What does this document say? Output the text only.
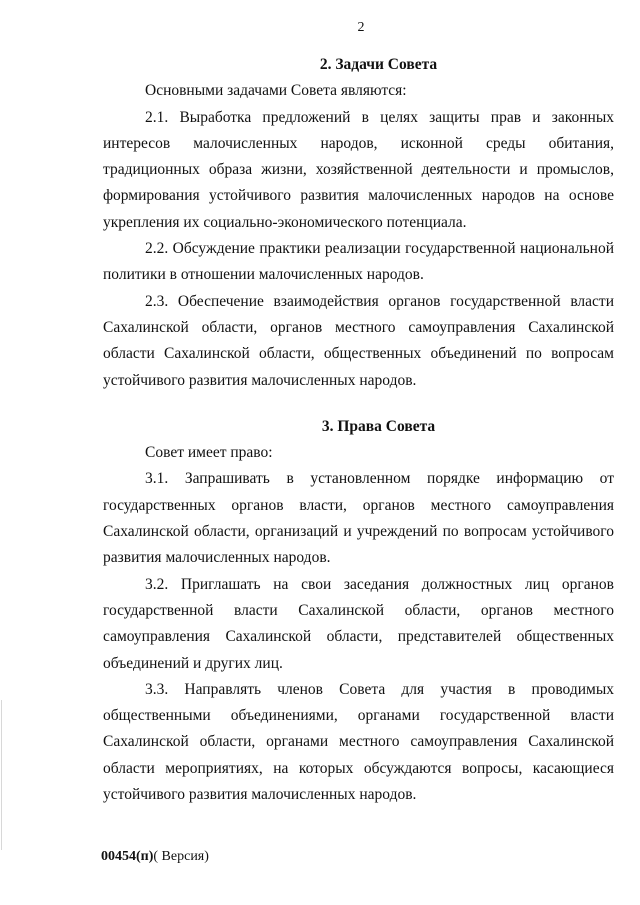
2
2. Задачи Совета

Основными задачами Совета являются:

2.1. Выработка предложений в целях защиты прав и законных интересов малочисленных народов, исконной среды обитания, традиционных образа жизни, хозяйственной деятельности и промыслов, формирования устойчивого развития малочисленных народов на основе укрепления их социально-экономического потенциала.

2.2. Обсуждение практики реализации государственной национальной политики в отношении малочисленных народов.

2.3. Обеспечение взаимодействия органов государственной власти Сахалинской области, органов местного самоуправления Сахалинской области Сахалинской области, общественных объединений по вопросам устойчивого развития малочисленных народов.

3. Права Совета

Совет имеет право:

3.1. Запрашивать в установленном порядке информацию от государственных органов власти, органов местного самоуправления Сахалинской области, организаций и учреждений по вопросам устойчивого развития малочисленных народов.

3.2. Приглашать на свои заседания должностных лиц органов государственной власти Сахалинской области, органов местного самоуправления Сахалинской области, представителей общественных объединений и других лиц.

3.3. Направлять членов Совета для участия в проводимых общественными объединениями, органами государственной власти Сахалинской области, органами местного самоуправления Сахалинской области мероприятиях, на которых обсуждаются вопросы, касающиеся устойчивого развития малочисленных народов.

00454(п)( Версия)
